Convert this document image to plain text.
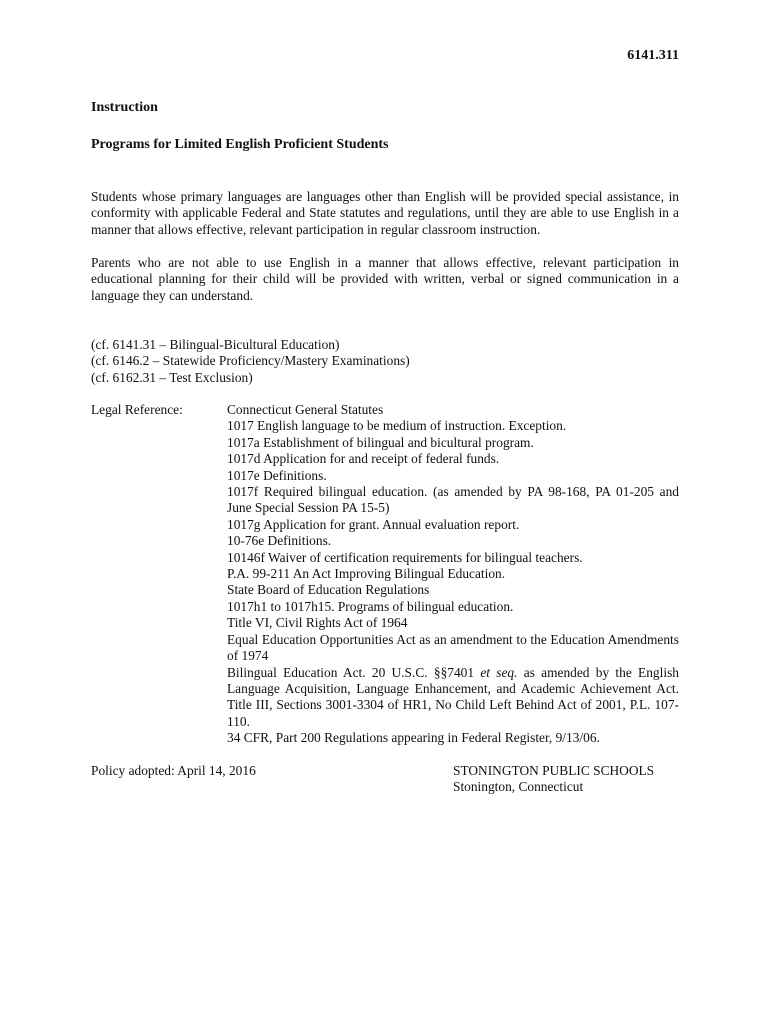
6141.311
Instruction
Programs for Limited English Proficient Students

Students whose primary languages are languages other than English will be provided special assistance, in conformity with applicable Federal and State statutes and regulations, until they are able to use English in a manner that allows effective, relevant participation in regular classroom instruction.

Parents who are not able to use English in a manner that allows effective, relevant participation in educational planning for their child will be provided with written, verbal or signed communication in a language they can understand.

(cf. 6141.31 – Bilingual-Bicultural Education)
(cf. 6146.2 – Statewide Proficiency/Mastery Examinations)
(cf. 6162.31 – Test Exclusion)
Legal Reference:	Connecticut General Statutes
1017 English language to be medium of instruction. Exception.
1017a Establishment of bilingual and bicultural program.
1017d Application for and receipt of federal funds.
1017e Definitions.
1017f Required bilingual education. (as amended by PA 98-168, PA 01-205 and June Special Session PA 15-5)
1017g Application for grant. Annual evaluation report.
10-76e Definitions.
10146f Waiver of certification requirements for bilingual teachers.
P.A. 99-211 An Act Improving Bilingual Education.
State Board of Education Regulations
1017h1 to 1017h15. Programs of bilingual education.
Title VI, Civil Rights Act of 1964
Equal Education Opportunities Act as an amendment to the Education Amendments of 1974
Bilingual Education Act. 20 U.S.C. §§7401 et seq. as amended by the English Language Acquisition, Language Enhancement, and Academic Achievement Act. Title III, Sections 3001-3304 of HR1, No Child Left Behind Act of 2001, P.L. 107-110.
34 CFR, Part 200 Regulations appearing in Federal Register, 9/13/06.
Policy adopted: April 14, 2016	STONINGTON PUBLIC SCHOOLS
Stonington, Connecticut
